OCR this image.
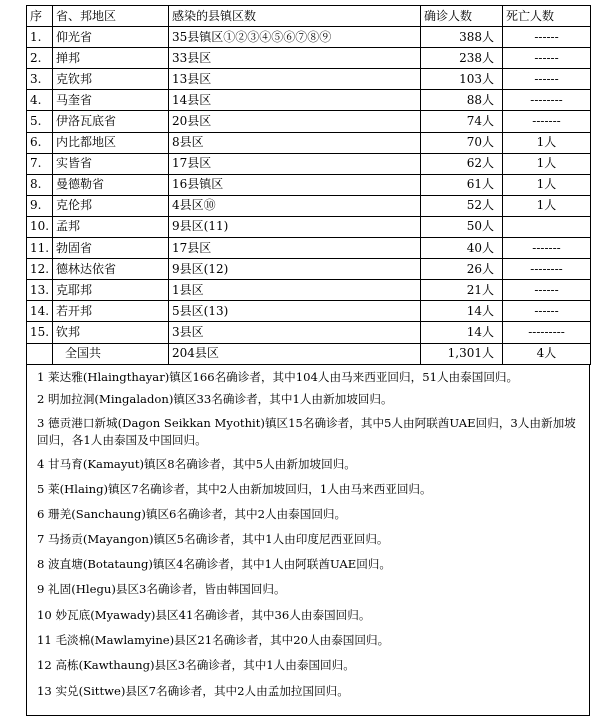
序	省、邦地区	感染的县镇区数	确诊人数	死亡人数
1.	仰光省	35县镇区①②③④⑤⑥⑦⑧⑨	388人	------
2.	掸邦	33县区	238人	------
3.	克钦邦	13县区	103人	------
4.	马奎省	14县区	88人	--------
5.	伊洛瓦底省	20县区	74人	-------
6.	内比都地区	8县区	70人	1人
7.	实皆省	17县区	62人	1人
8.	曼德勒省	16县镇区	61人	1人
9.	克伦邦	4县区⑩	52人	1人
10.	孟邦	9县区(11)	50人	
11.	勃固省	17县区	40人	-------
12.	德林达依省	9县区(12)	26人	--------
13.	克耶邦	1县区	21人	------
14.	若开邦	5县区(13)	14人	------
15.	钦邦	3县区	14人	---------
	全国共	204县区	1,301人	4人
1 莱达雅(Hlaingthayar)镇区166名确诊者，其中104人由马来西亚回归，51人由泰国回归。
2 明加拉洞(Mingaladon)镇区33名确诊者，其中1人由新加坡回归。
3 德贡港口新城(Dagon Seikkan Myothit)镇区15名确诊者，其中5人由阿联酋UAE回归，3人由新加坡回归，各1人由泰国及中国回归。
4 甘马育(Kamayut)镇区8名确诊者，其中5人由新加坡回归。
5 莱(Hlaing)镇区7名确诊者，其中2人由新加坡回归，1人由马来西亚回归。
6 珊羌(Sanchaung)镇区6名确诊者，其中2人由泰国回归。
7 马扬贡(Mayangon)镇区5名确诊者，其中1人由印度尼西亚回归。
8 波直塘(Botataung)镇区4名确诊者，其中1人由阿联酋UAE回归。
9 礼固(Hlegu)县区3名确诊者，皆由韩国回归。
10 妙瓦底(Myawady)县区41名确诊者，其中36人由泰国回归。
11 毛淡棉(Mawlamyine)县区21名确诊者，其中20人由泰国回归。
12 高栋(Kawthaung)县区3名确诊者，其中1人由泰国回归。
13 实兑(Sittwe)县区7名确诊者，其中2人由孟加拉国回归。
